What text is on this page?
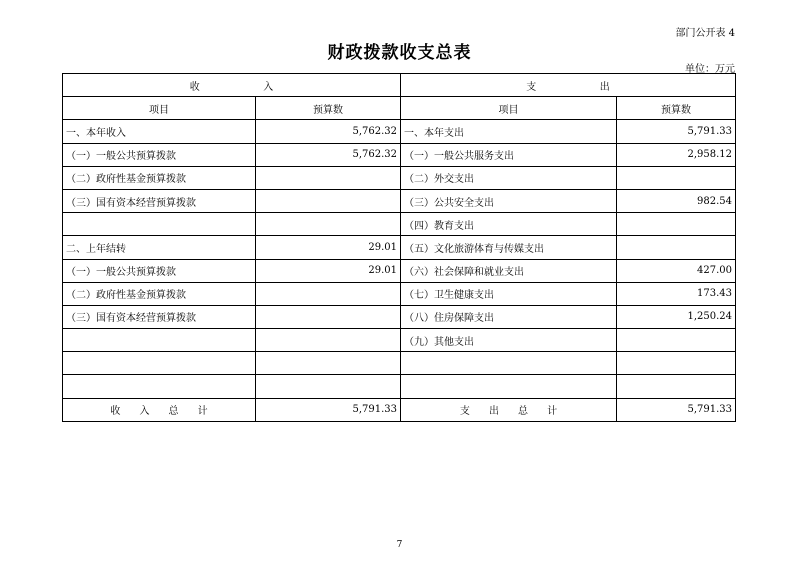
部门公开表 4
财政拨款收支总表
单位：万元
收                    入		支                    出	
项目	预算数	项目	预算数
一、本年收入	5,762.32	一、本年支出	5,791.33
（一）一般公共预算拨款	5,762.32	（一）一般公共服务支出	2,958.12
（二）政府性基金预算拨款		（二）外交支出	
（三）国有资本经营预算拨款		（三）公共安全支出	982.54
		（四）教育支出	
二、上年结转	29.01	（五）文化旅游体育与传媒支出	
（一）一般公共预算拨款	29.01	（六）社会保障和就业支出	427.00
（二）政府性基金预算拨款		（七）卫生健康支出	173.43
（三）国有资本经营预算拨款		（八）住房保障支出	1,250.24
		（九）其他支出	

收      入      总      计	5,791.33	支      出      总      计	5,791.33
7
